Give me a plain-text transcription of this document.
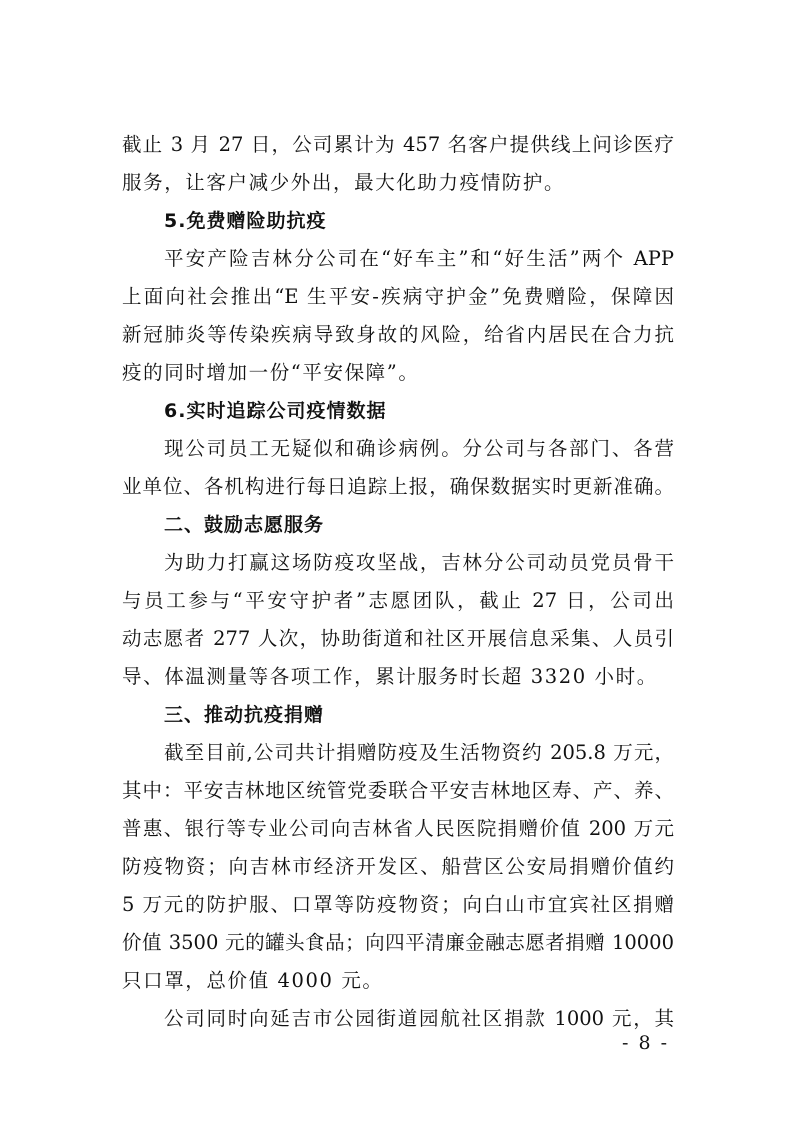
截止 3 月 27 日，公司累计为 457 名客户提供线上问诊医疗
服务，让客户减少外出，最大化助力疫情防护。
5.免费赠险助抗疫
平安产险吉林分公司在“好车主”和“好生活”两个 APP
上面向社会推出“E 生平安-疾病守护金”免费赠险，保障因
新冠肺炎等传染疾病导致身故的风险，给省内居民在合力抗
疫的同时增加一份“平安保障”。
6.实时追踪公司疫情数据
现公司员工无疑似和确诊病例。分公司与各部门、各营
业单位、各机构进行每日追踪上报，确保数据实时更新准确。
二、鼓励志愿服务
为助力打赢这场防疫攻坚战，吉林分公司动员党员骨干
与员工参与“平安守护者”志愿团队，截止 27 日，公司出
动志愿者 277 人次，协助街道和社区开展信息采集、人员引
导、体温测量等各项工作，累计服务时长超 3320 小时。
三、推动抗疫捐赠
截至目前,公司共计捐赠防疫及生活物资约 205.8 万元，
其中：平安吉林地区统管党委联合平安吉林地区寿、产、养、
普惠、银行等专业公司向吉林省人民医院捐赠价值 200 万元
防疫物资；向吉林市经济开发区、船营区公安局捐赠价值约
5 万元的防护服、口罩等防疫物资；向白山市宜宾社区捐赠
价值 3500 元的罐头食品；向四平清廉金融志愿者捐赠 10000
只口罩，总价值 4000 元。
公司同时向延吉市公园街道园航社区捐款 1000 元，其
- 8 -
